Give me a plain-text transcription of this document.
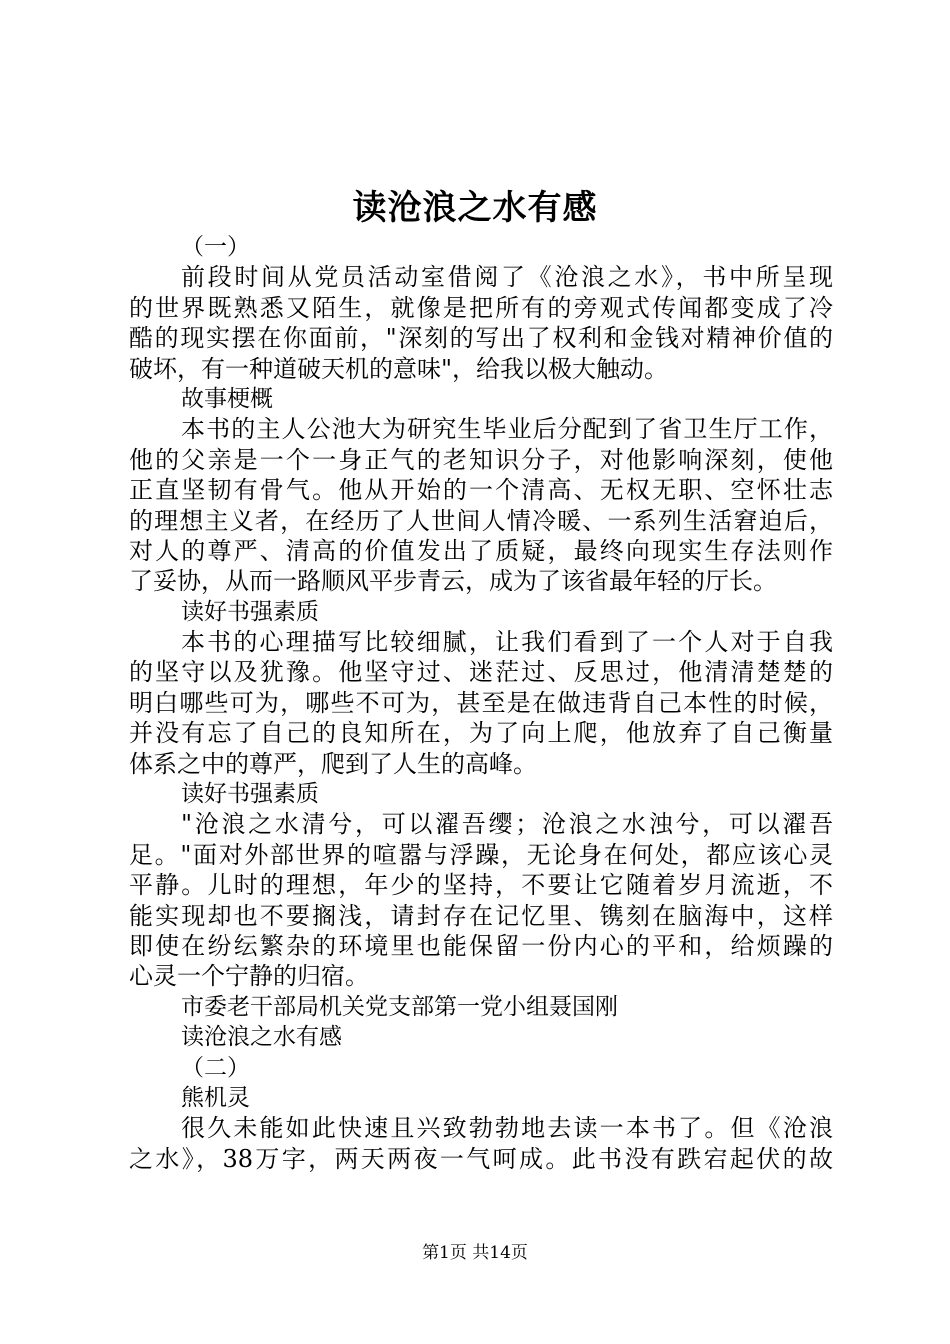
读沧浪之水有感
（一）
前段时间从党员活动室借阅了《沧浪之水》，书中所呈现
的世界既熟悉又陌生，就像是把所有的旁观式传闻都变成了冷
酷的现实摆在你面前，"深刻的写出了权利和金钱对精神价值的
破坏，有一种道破天机的意味"，给我以极大触动。
故事梗概
本书的主人公池大为研究生毕业后分配到了省卫生厅工作，
他的父亲是一个一身正气的老知识分子，对他影响深刻，使他
正直坚韧有骨气。他从开始的一个清高、无权无职、空怀壮志
的理想主义者，在经历了人世间人情冷暖、一系列生活窘迫后，
对人的尊严、清高的价值发出了质疑，最终向现实生存法则作
了妥协，从而一路顺风平步青云，成为了该省最年轻的厅长。
读好书强素质
本书的心理描写比较细腻，让我们看到了一个人对于自我
的坚守以及犹豫。他坚守过、迷茫过、反思过，他清清楚楚的
明白哪些可为，哪些不可为，甚至是在做违背自己本性的时候，
并没有忘了自己的良知所在，为了向上爬，他放弃了自己衡量
体系之中的尊严，爬到了人生的高峰。
读好书强素质
"沧浪之水清兮，可以濯吾缨；沧浪之水浊兮，可以濯吾
足。"面对外部世界的喧嚣与浮躁，无论身在何处，都应该心灵
平静。儿时的理想，年少的坚持，不要让它随着岁月流逝，不
能实现却也不要搁浅，请封存在记忆里、镌刻在脑海中，这样
即使在纷纭繁杂的环境里也能保留一份内心的平和，给烦躁的
心灵一个宁静的归宿。
市委老干部局机关党支部第一党小组聂国刚
读沧浪之水有感
（二）
熊机灵
很久未能如此快速且兴致勃勃地去读一本书了。但《沧浪
之水》，38万字，两天两夜一气呵成。此书没有跌宕起伏的故
第1页 共14页
